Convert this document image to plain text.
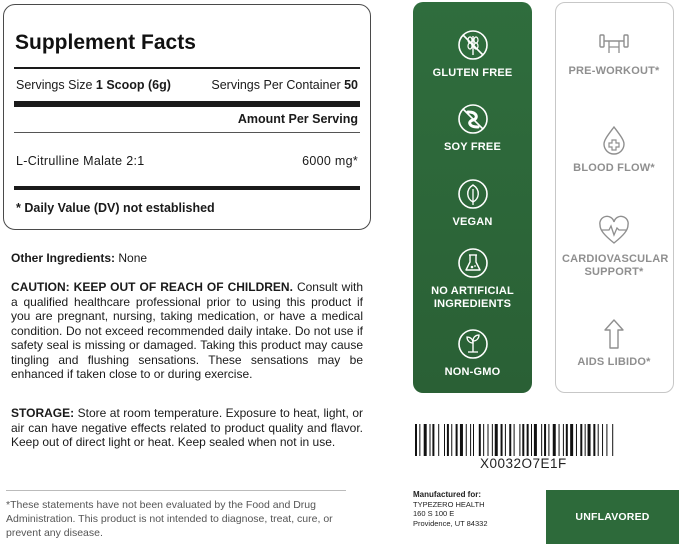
Supplement Facts
Servings Size 1 Scoop (6g)	Servings Per Container 50
Amount Per Serving
L-Citrulline Malate 2:1	6000 mg*
* Daily Value (DV) not established
Other Ingredients: None
CAUTION: KEEP OUT OF REACH OF CHILDREN. Consult with a qualified healthcare professional prior to using this product if you are pregnant, nursing, taking medication, or have a medical condition. Do not exceed recommended daily intake. Do not use if safety seal is missing or damaged. Taking this product may cause tingling and flushing sensations. These sensations may be enhanced if taken close to or during exercise.
STORAGE: Store at room temperature. Exposure to heat, light, or air can have negative effects related to product quality and flavor. Keep out of direct light or heat. Keep sealed when not in use.
*These statements have not been evaluated by the Food and Drug Administration. This product is not intended to diagnose, treat, cure, or prevent any disease.
GLUTEN FREE
SOY FREE
VEGAN
NO ARTIFICIAL INGREDIENTS
NON-GMO
PRE-WORKOUT*
BLOOD FLOW*
CARDIOVASCULAR SUPPORT*
AIDS LIBIDO*
X0032O7E1F
Manufactured for:
TYPEZERO HEALTH
160 S 100 E
Providence, UT 84332	UNFLAVORED
